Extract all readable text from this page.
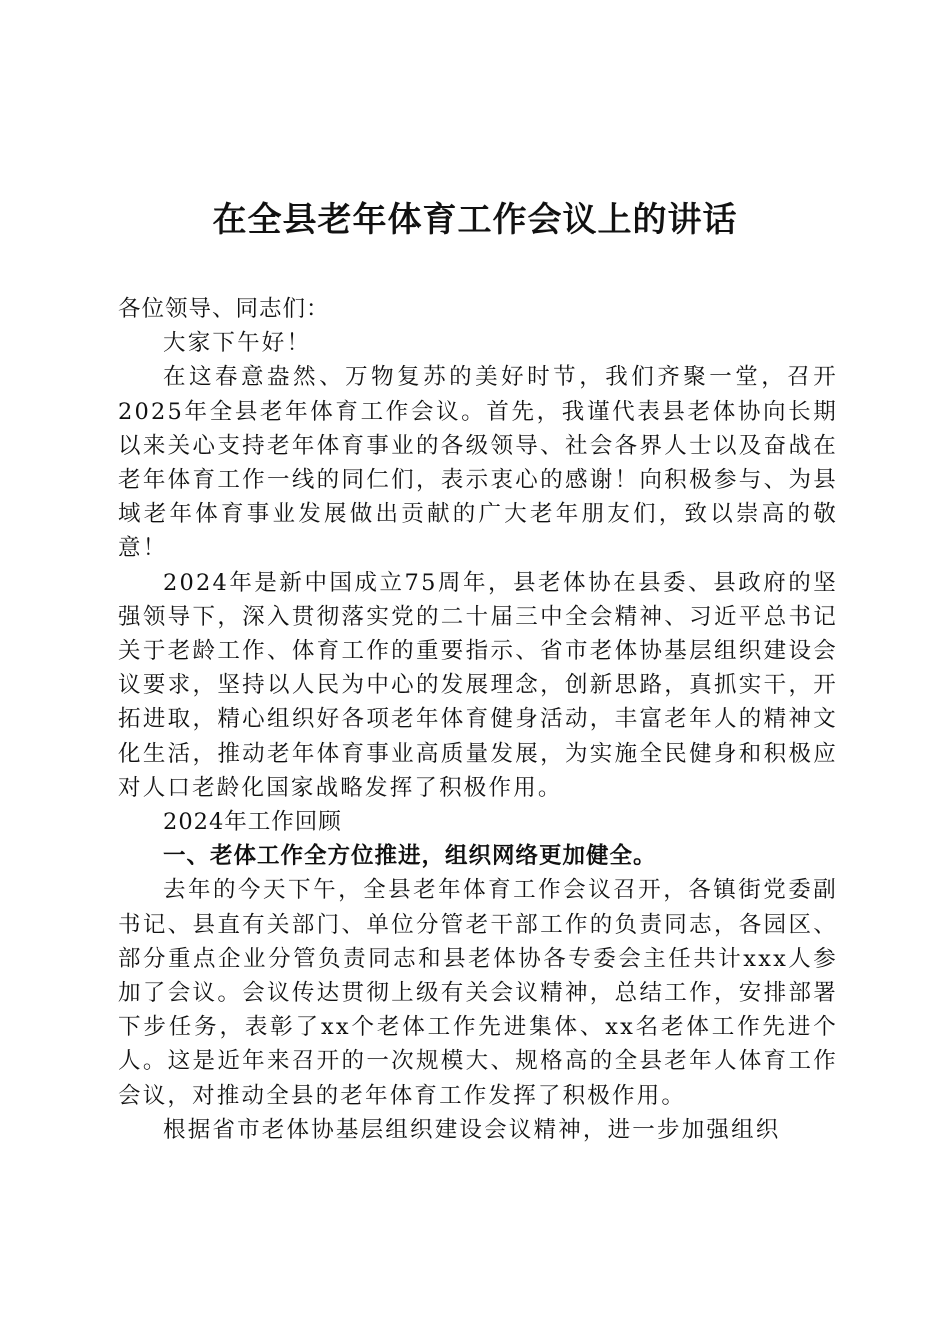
在全县老年体育工作会议上的讲话

各位领导、同志们：

大家下午好！

在这春意盎然、万物复苏的美好时节，我们齐聚一堂，召开2025年全县老年体育工作会议。首先，我谨代表县老体协向长期以来关心支持老年体育事业的各级领导、社会各界人士以及奋战在老年体育工作一线的同仁们，表示衷心的感谢！向积极参与、为县域老年体育事业发展做出贡献的广大老年朋友们，致以崇高的敬意！

2024年是新中国成立75周年，县老体协在县委、县政府的坚强领导下，深入贯彻落实党的二十届三中全会精神、习近平总书记关于老龄工作、体育工作的重要指示、省市老体协基层组织建设会议要求，坚持以人民为中心的发展理念，创新思路，真抓实干，开拓进取，精心组织好各项老年体育健身活动，丰富老年人的精神文化生活，推动老年体育事业高质量发展，为实施全民健身和积极应对人口老龄化国家战略发挥了积极作用。

2024年工作回顾

一、老体工作全方位推进，组织网络更加健全。

去年的今天下午，全县老年体育工作会议召开，各镇街党委副书记、县直有关部门、单位分管老干部工作的负责同志，各园区、部分重点企业分管负责同志和县老体协各专委会主任共计xxx人参加了会议。会议传达贯彻上级有关会议精神，总结工作，安排部署下步任务，表彰了xx个老体工作先进集体、xx名老体工作先进个人。这是近年来召开的一次规模大、规格高的全县老年人体育工作会议，对推动全县的老年体育工作发挥了积极作用。

根据省市老体协基层组织建设会议精神，进一步加强组织
